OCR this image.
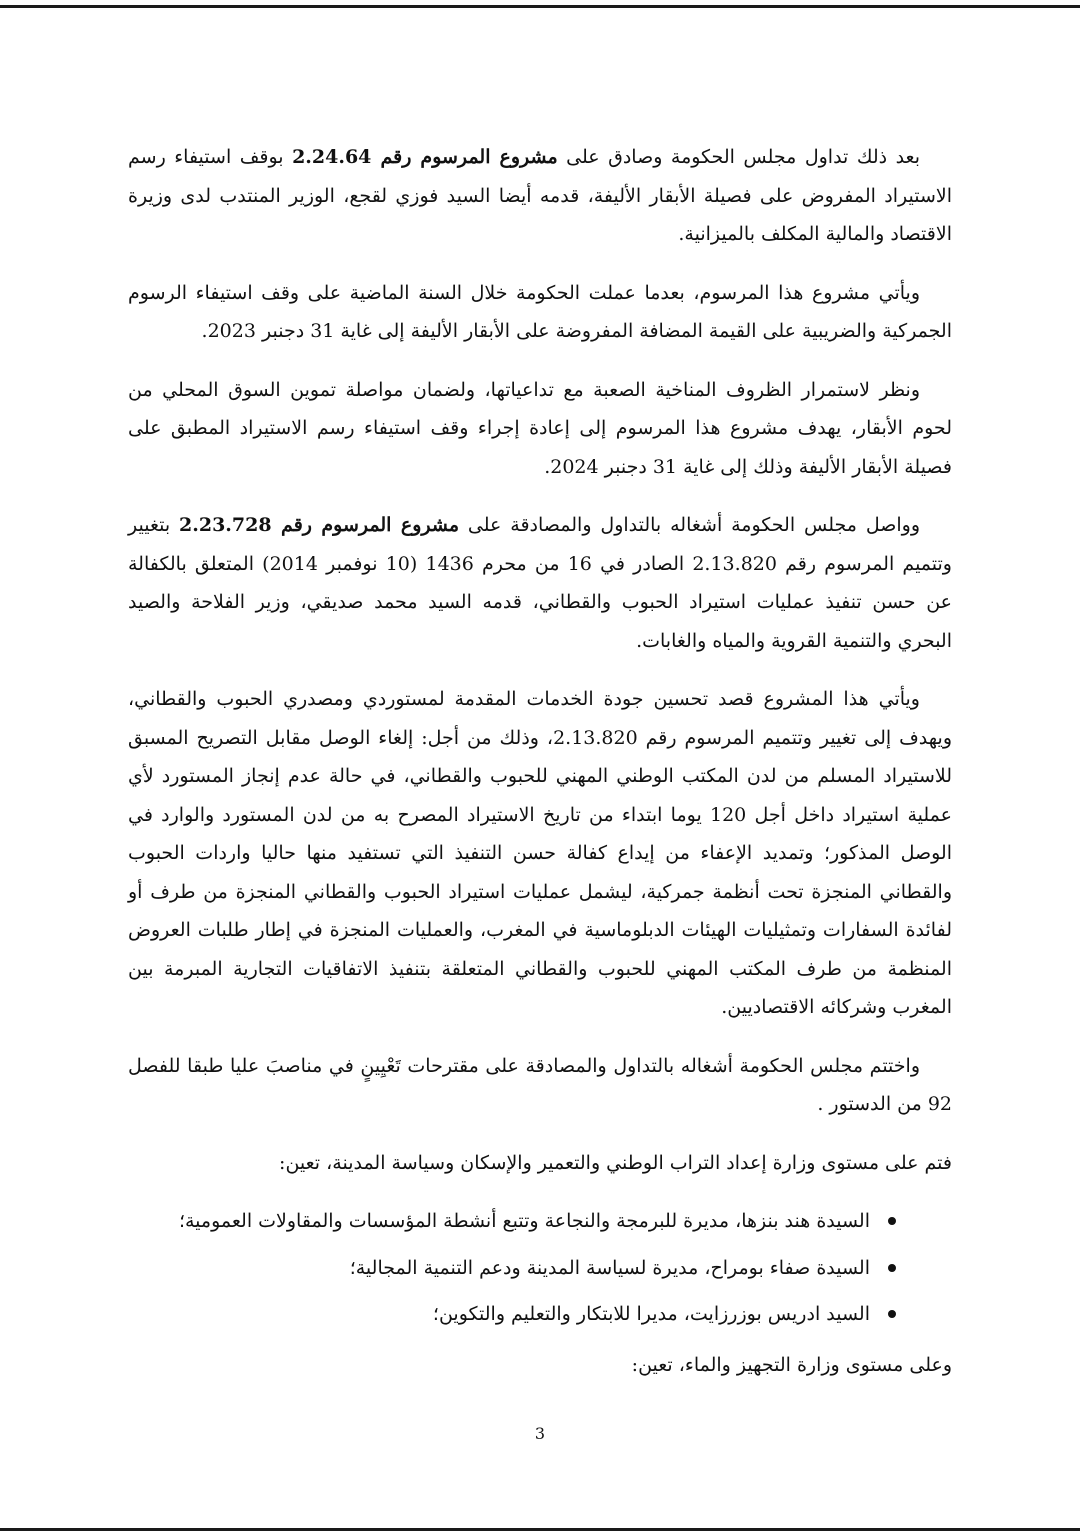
بعد ذلك تداول مجلس الحكومة وصادق على مشروع المرسوم رقم 2.24.64 بوقف استيفاء رسم الاستيراد المفروض على فصيلة الأبقار الأليفة، قدمه أيضا السيد فوزي لقجع، الوزير المنتدب لدى وزيرة الاقتصاد والمالية المكلف بالميزانية.

ويأتي مشروع هذا المرسوم، بعدما عملت الحكومة خلال السنة الماضية على وقف استيفاء الرسوم الجمركية والضريبية على القيمة المضافة المفروضة على الأبقار الأليفة إلى غاية 31 دجنبر 2023.

ونظر لاستمرار الظروف المناخية الصعبة مع تداعياتها، ولضمان مواصلة تموين السوق المحلي من لحوم الأبقار، يهدف مشروع هذا المرسوم إلى إعادة إجراء وقف استيفاء رسم الاستيراد المطبق على فصيلة الأبقار الأليفة وذلك إلى غاية 31 دجنبر 2024.

وواصل مجلس الحكومة أشغاله بالتداول والمصادقة على مشروع المرسوم رقم 2.23.728 بتغيير وتتميم المرسوم رقم 2.13.820 الصادر في 16 من محرم 1436 (10 نوفمبر 2014) المتعلق بالكفالة عن حسن تنفيذ عمليات استيراد الحبوب والقطاني، قدمه السيد محمد صديقي، وزير الفلاحة والصيد البحري والتنمية القروية والمياه والغابات.

ويأتي هذا المشروع قصد تحسين جودة الخدمات المقدمة لمستوردي ومصدري الحبوب والقطاني، ويهدف إلى تغيير وتتميم المرسوم رقم 2.13.820، وذلك من أجل: إلغاء الوصل مقابل التصريح المسبق للاستيراد المسلم من لدن المكتب الوطني المهني للحبوب والقطاني، في حالة عدم إنجاز المستورد لأي عملية استيراد داخل أجل 120 يوما ابتداء من تاريخ الاستيراد المصرح به من لدن المستورد والوارد في الوصل المذكور؛ وتمديد الإعفاء من إيداع كفالة حسن التنفيذ التي تستفيد منها حاليا واردات الحبوب والقطاني المنجزة تحت أنظمة جمركية، ليشمل عمليات استيراد الحبوب والقطاني المنجزة من طرف أو لفائدة السفارات وتمثيليات الهيئات الدبلوماسية في المغرب، والعمليات المنجزة في إطار طلبات العروض المنظمة من طرف المكتب المهني للحبوب والقطاني المتعلقة بتنفيذ الاتفاقيات التجارية المبرمة بين المغرب وشركائه الاقتصاديين.

واختتم مجلس الحكومة أشغاله بالتداول والمصادقة على مقترحات تَعْيِينٍ في مناصبَ عليا طبقا للفصل 92 من الدستور .

فتم على مستوى وزارة إعداد التراب الوطني والتعمير والإسكان وسياسة المدينة، تعين:

السيدة هند بنزها، مديرة للبرمجة والنجاعة وتتبع أنشطة المؤسسات والمقاولات العمومية؛
السيدة صفاء بومراح، مديرة لسياسة المدينة ودعم التنمية المجالية؛
السيد ادريس بوزرزايت، مديرا للابتكار والتعليم والتكوين؛

وعلى مستوى وزارة التجهيز والماء، تعين:

3
